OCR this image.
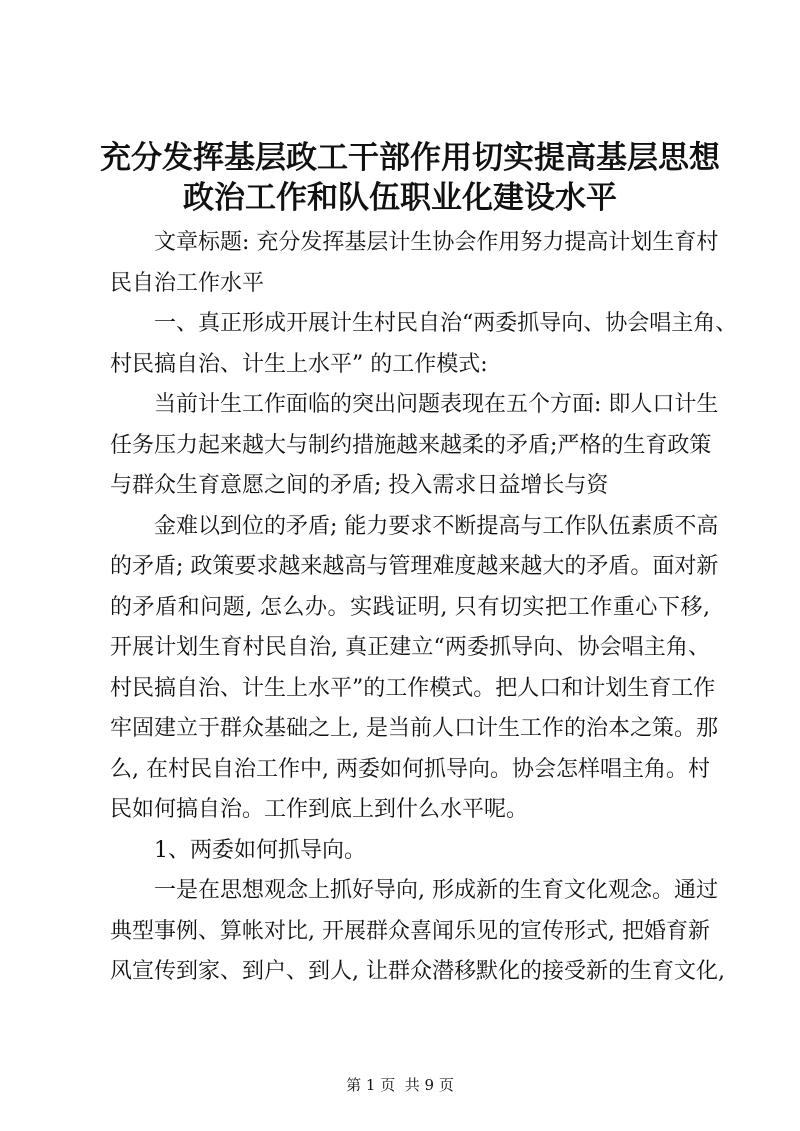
充分发挥基层政工干部作用切实提高基层思想
政治工作和队伍职业化建设水平
文章标题: 充分发挥基层计生协会作用努力提高计划生育村
民自治工作水平
一、真正形成开展计生村民自治“两委抓导向、协会唱主角、
村民搞自治、计生上水平” 的工作模式:
当前计生工作面临的突出问题表现在五个方面: 即人口计生
任务压力起来越大与制约措施越来越柔的矛盾;严格的生育政策
与群众生育意愿之间的矛盾; 投入需求日益增长与资
金难以到位的矛盾; 能力要求不断提高与工作队伍素质不高
的矛盾; 政策要求越来越高与管理难度越来越大的矛盾。面对新
的矛盾和问题, 怎么办。实践证明, 只有切实把工作重心下移,
开展计划生育村民自治, 真正建立“两委抓导向、协会唱主角、
村民搞自治、计生上水平”的工作模式。把人口和计划生育工作
牢固建立于群众基础之上, 是当前人口计生工作的治本之策。那
么, 在村民自治工作中, 两委如何抓导向。协会怎样唱主角。村
民如何搞自治。工作到底上到什么水平呢。
1、两委如何抓导向。
一是在思想观念上抓好导向, 形成新的生育文化观念。通过
典型事例、算帐对比, 开展群众喜闻乐见的宣传形式, 把婚育新
风宣传到家、到户、到人, 让群众潜移默化的接受新的生育文化,
第 1 页  共 9 页
